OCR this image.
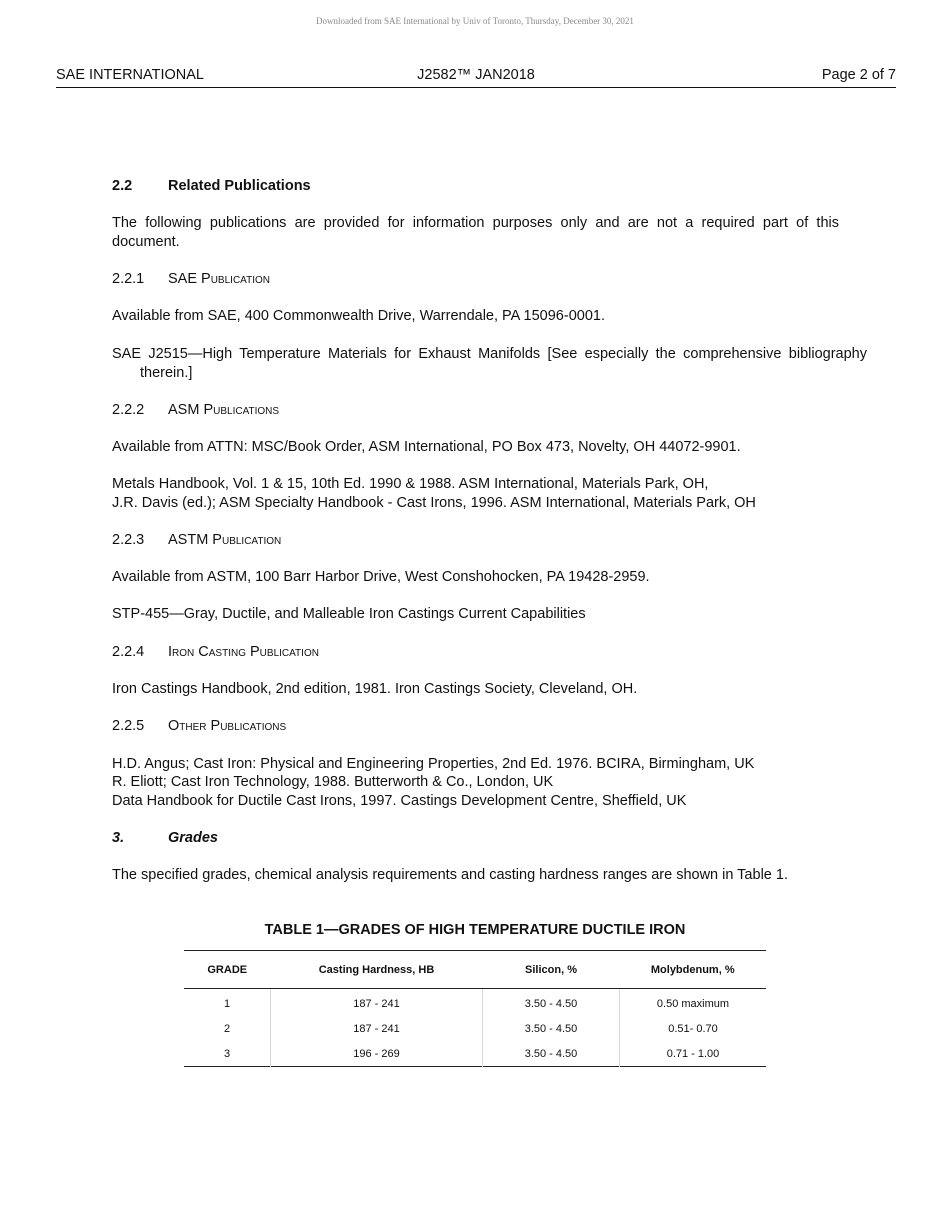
Downloaded from SAE International by Univ of Toronto, Thursday, December 30, 2021
J2582™ JAN2018
SAE INTERNATIONAL	Page 2 of 7

2.2 Related Publications

The following publications are provided for information purposes only and are not a required part of this document.

2.2.1 SAE Publication

Available from SAE, 400 Commonwealth Drive, Warrendale, PA 15096-0001.

SAE J2515—High Temperature Materials for Exhaust Manifolds [See especially the comprehensive bibliography therein.]

2.2.2 ASM Publications

Available from ATTN: MSC/Book Order, ASM International, PO Box 473, Novelty, OH 44072-9901.

Metals Handbook, Vol. 1 & 15, 10th Ed. 1990 & 1988. ASM International, Materials Park, OH,

J.R. Davis (ed.); ASM Specialty Handbook - Cast Irons, 1996. ASM International, Materials Park, OH

2.2.3 ASTM Publication

Available from ASTM, 100 Barr Harbor Drive, West Conshohocken, PA 19428-2959.

STP-455—Gray, Ductile, and Malleable Iron Castings Current Capabilities

2.2.4 Iron Casting Publication

Iron Castings Handbook, 2nd edition, 1981. Iron Castings Society, Cleveland, OH.

2.2.5 Other Publications

H.D. Angus; Cast Iron: Physical and Engineering Properties, 2nd Ed. 1976. BCIRA, Birmingham, UK

R. Eliott; Cast Iron Technology, 1988. Butterworth & Co., London, UK

Data Handbook for Ductile Cast Irons, 1997. Castings Development Centre, Sheffield, UK

3.	Grades

The specified grades, chemical analysis requirements and casting hardness ranges are shown in Table 1.

TABLE 1—GRADES OF HIGH TEMPERATURE DUCTILE IRON
GRADE	Casting Hardness, HB	Silicon, %	Molybdenum, %
1	187 - 241	3.50 - 4.50	0.50 maximum
2	187 - 241	3.50 - 4.50	0.51- 0.70
3	196 - 269	3.50 - 4.50	0.71 - 1.00
